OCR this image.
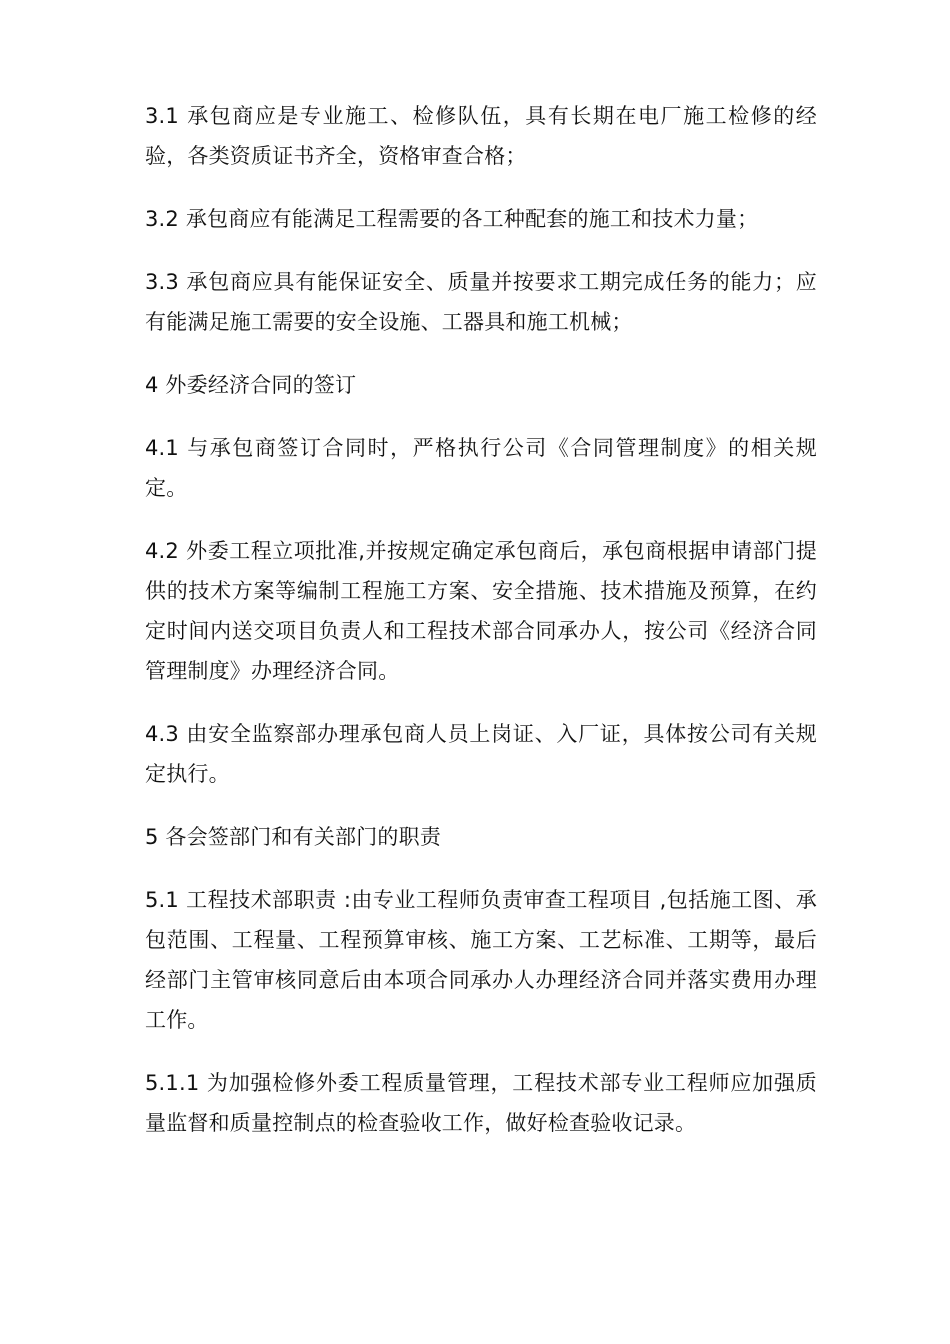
3.1 承包商应是专业施工、检修队伍，具有长期在电厂施工检修的经验，各类资质证书齐全，资格审查合格；

3.2 承包商应有能满足工程需要的各工种配套的施工和技术力量；

3.3 承包商应具有能保证安全、质量并按要求工期完成任务的能力；应有能满足施工需要的安全设施、工器具和施工机械；

4 外委经济合同的签订

4.1 与承包商签订合同时，严格执行公司《合同管理制度》的相关规定。

4.2 外委工程立项批准,并按规定确定承包商后，承包商根据申请部门提供的技术方案等编制工程施工方案、安全措施、技术措施及预算，在约定时间内送交项目负责人和工程技术部合同承办人，按公司《经济合同管理制度》办理经济合同。

4.3 由安全监察部办理承包商人员上岗证、入厂证，具体按公司有关规定执行。

5 各会签部门和有关部门的职责

5.1 工程技术部职责 :由专业工程师负责审查工程项目 ,包括施工图、承包范围、工程量、工程预算审核、施工方案、工艺标准、工期等，最后经部门主管审核同意后由本项合同承办人办理经济合同并落实费用办理工作。

5.1.1 为加强检修外委工程质量管理，工程技术部专业工程师应加强质量监督和质量控制点的检查验收工作，做好检查验收记录。
